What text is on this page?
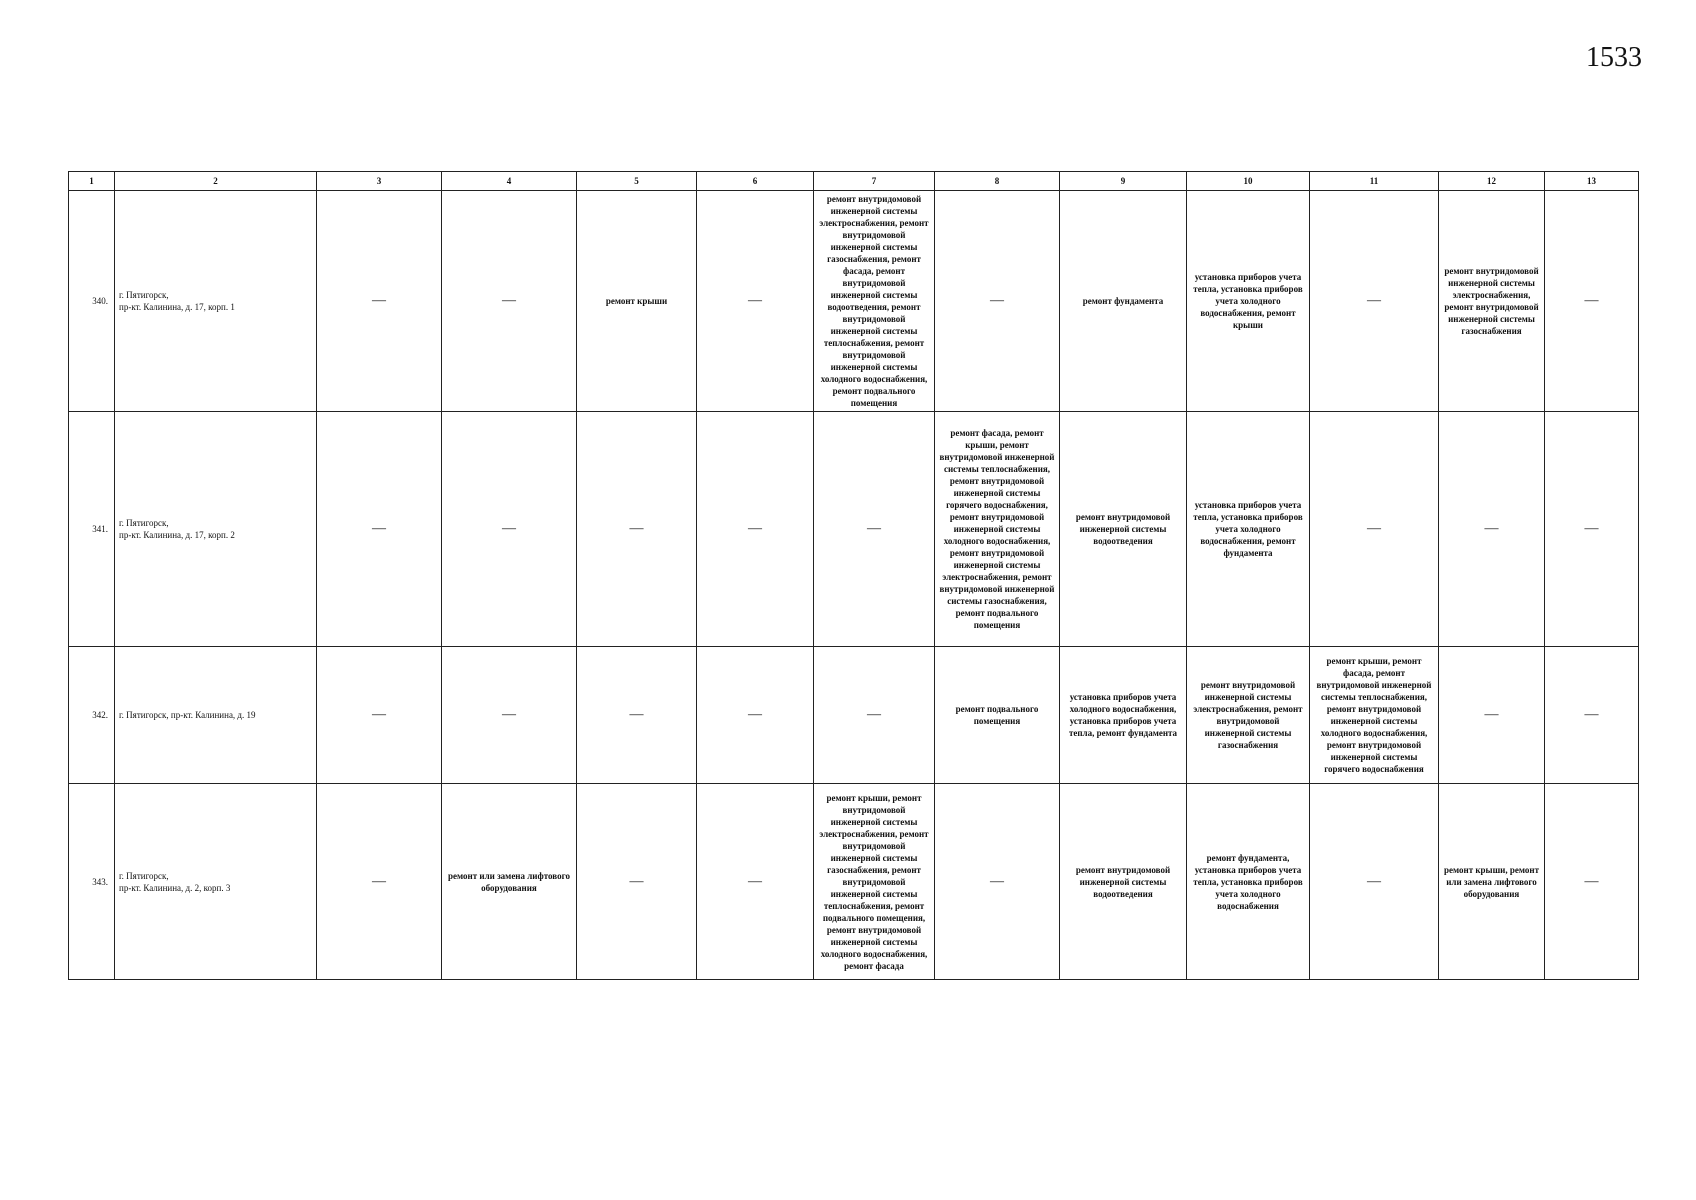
1533
1	2	3	4	5	6	7	8	9	10	11	12	13
340.	г. Пятигорск,
пр-кт. Калинина, д. 17, корп. 1	—	—	ремонт крыши	—	ремонт внутридомовой инженерной системы электроснабжения, ремонт внутридомовой инженерной системы газоснабжения, ремонт фасада, ремонт внутридомовой инженерной системы водоотведения, ремонт внутридомовой инженерной системы теплоснабжения, ремонт внутридомовой инженерной системы холодного водоснабжения, ремонт подвального помещения	—	ремонт фундамента	установка приборов учета тепла, установка приборов учета холодного водоснабжения, ремонт крыши	—	ремонт внутридомовой инженерной системы электроснабжения, ремонт внутридомовой инженерной системы газоснабжения	—
341.	г. Пятигорск,
пр-кт. Калинина, д. 17, корп. 2	—	—	—	—	—	ремонт фасада, ремонт крыши, ремонт внутридомовой инженерной системы теплоснабжения, ремонт внутридомовой инженерной системы горячего водоснабжения, ремонт внутридомовой инженерной системы холодного водоснабжения, ремонт внутридомовой инженерной системы электроснабжения, ремонт внутридомовой инженерной системы газоснабжения, ремонт подвального помещения	ремонт внутридомовой инженерной системы водоотведения	установка приборов учета тепла, установка приборов учета холодного водоснабжения, ремонт фундамента	—	—	—
342.	г. Пятигорск, пр-кт. Калинина, д. 19	—	—	—	—	—	ремонт подвального помещения	установка приборов учета холодного водоснабжения, установка приборов учета тепла, ремонт фундамента	ремонт внутридомовой инженерной системы электроснабжения, ремонт внутридомовой инженерной системы газоснабжения	ремонт крыши, ремонт фасада, ремонт внутридомовой инженерной системы теплоснабжения, ремонт внутридомовой инженерной системы холодного водоснабжения, ремонт внутридомовой инженерной системы горячего водоснабжения	—	—
343.	г. Пятигорск,
пр-кт. Калинина, д. 2, корп. 3	—	ремонт или замена лифтового оборудования	—	—	ремонт крыши, ремонт внутридомовой инженерной системы электроснабжения, ремонт внутридомовой инженерной системы газоснабжения, ремонт внутридомовой инженерной системы теплоснабжения, ремонт подвального помещения, ремонт внутридомовой инженерной системы холодного водоснабжения, ремонт фасада	—	ремонт внутридомовой инженерной системы водоотведения	ремонт фундамента, установка приборов учета тепла, установка приборов учета холодного водоснабжения	—	ремонт крыши, ремонт или замена лифтового оборудования	—
